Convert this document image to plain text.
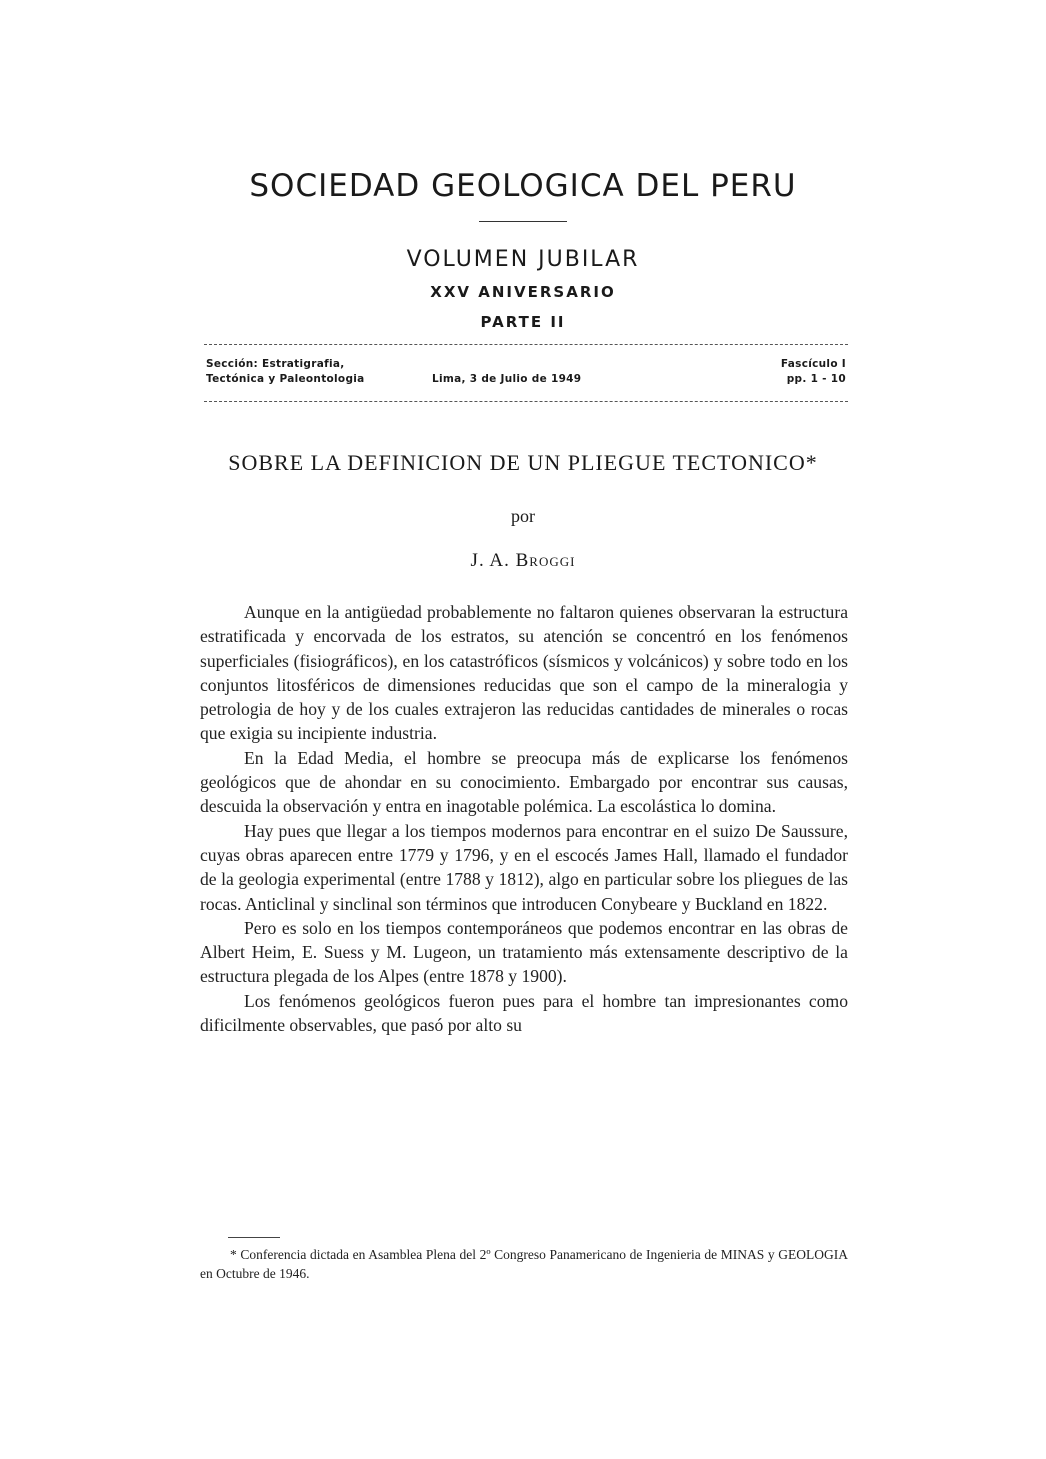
SOCIEDAD GEOLOGICA DEL PERU
VOLUMEN JUBILAR
XXV ANIVERSARIO
PARTE II
Sección: Estratigrafia,
Tectónica y Paleontologia	Lima, 3 de Julio de 1949
Fascículo I
pp. 1 - 10
SOBRE LA DEFINICION DE UN PLIEGUE TECTONICO*
por
J. A. Broggi

Aunque en la antigüedad probablemente no faltaron quienes observaran la estructura estratificada y encorvada de los estratos, su atención se concentró en los fenómenos superficiales (fisiográficos), en los catastróficos (sísmicos y volcánicos) y sobre todo en los conjuntos litosféricos de dimensiones reducidas que son el campo de la mineralogia y petrologia de hoy y de los cuales extrajeron las reducidas cantidades de minerales o rocas que exigia su incipiente industria.

En la Edad Media, el hombre se preocupa más de explicarse los fenómenos geológicos que de ahondar en su conocimiento. Embargado por encontrar sus causas, descuida la observación y entra en inagotable polémica. La escolástica lo domina.

Hay pues que llegar a los tiempos modernos para encontrar en el suizo De Saussure, cuyas obras aparecen entre 1779 y 1796, y en el escocés James Hall, llamado el fundador de la geologia experimental (entre 1788 y 1812), algo en particular sobre los pliegues de las rocas. Anticlinal y sinclinal son términos que introducen Conybeare y Buckland en 1822.

Pero es solo en los tiempos contemporáneos que podemos encontrar en las obras de Albert Heim, E. Suess y M. Lugeon, un tratamiento más extensamente descriptivo de la estructura plegada de los Alpes (entre 1878 y 1900).

Los fenómenos geológicos fueron pues para el hombre tan impresionantes como dificilmente observables, que pasó por alto su

* Conferencia dictada en Asamblea Plena del 2º Congreso Panamericano de Ingenieria de MINAS y GEOLOGIA en Octubre de 1946.
